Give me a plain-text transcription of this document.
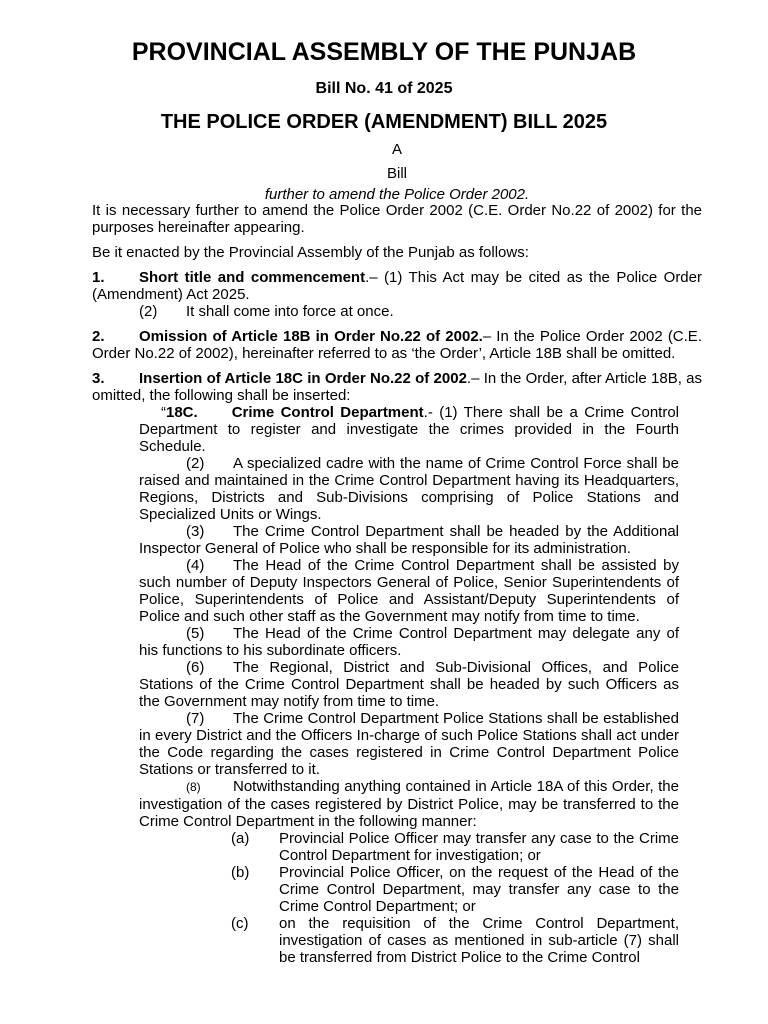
PROVINCIAL ASSEMBLY OF THE PUNJAB
Bill No. 41 of 2025
THE POLICE ORDER (AMENDMENT) BILL 2025
A
Bill
further to amend the Police Order 2002.

It is necessary further to amend the Police Order 2002 (C.E. Order No.22 of 2002) for the purposes hereinafter appearing.

Be it enacted by the Provincial Assembly of the Punjab as follows:

1. Short title and commencement.– (1) This Act may be cited as the Police Order (Amendment) Act 2025.

(2) It shall come into force at once.

2. Omission of Article 18B in Order No.22 of 2002.– In the Police Order 2002 (C.E. Order No.22 of 2002), hereinafter referred to as ‘the Order’, Article 18B shall be omitted.

3. Insertion of Article 18C in Order No.22 of 2002.– In the Order, after Article 18B, as omitted, the following shall be inserted:

“18C. Crime Control Department.- (1) There shall be a Crime Control Department to register and investigate the crimes provided in the Fourth Schedule.

(2) A specialized cadre with the name of Crime Control Force shall be raised and maintained in the Crime Control Department having its Headquarters, Regions, Districts and Sub-Divisions comprising of Police Stations and Specialized Units or Wings.

(3) The Crime Control Department shall be headed by the Additional Inspector General of Police who shall be responsible for its administration.

(4) The Head of the Crime Control Department shall be assisted by such number of Deputy Inspectors General of Police, Senior Superintendents of Police, Superintendents of Police and Assistant/Deputy Superintendents of Police and such other staff as the Government may notify from time to time.

(5) The Head of the Crime Control Department may delegate any of his functions to his subordinate officers.

(6) The Regional, District and Sub-Divisional Offices, and Police Stations of the Crime Control Department shall be headed by such Officers as the Government may notify from time to time.

(7) The Crime Control Department Police Stations shall be established in every District and the Officers In-charge of such Police Stations shall act under the Code regarding the cases registered in Crime Control Department Police Stations or transferred to it.

(8) Notwithstanding anything contained in Article 18A of this Order, the investigation of the cases registered by District Police, may be transferred to the Crime Control Department in the following manner:

(a)	Provincial Police Officer may transfer any case to the Crime Control Department for investigation; or
(b)	Provincial Police Officer, on the request of the Head of the Crime Control Department, may transfer any case to the Crime Control Department; or
(c)	on the requisition of the Crime Control Department, investigation of cases as mentioned in sub-article (7) shall be transferred from District Police to the Crime Control
